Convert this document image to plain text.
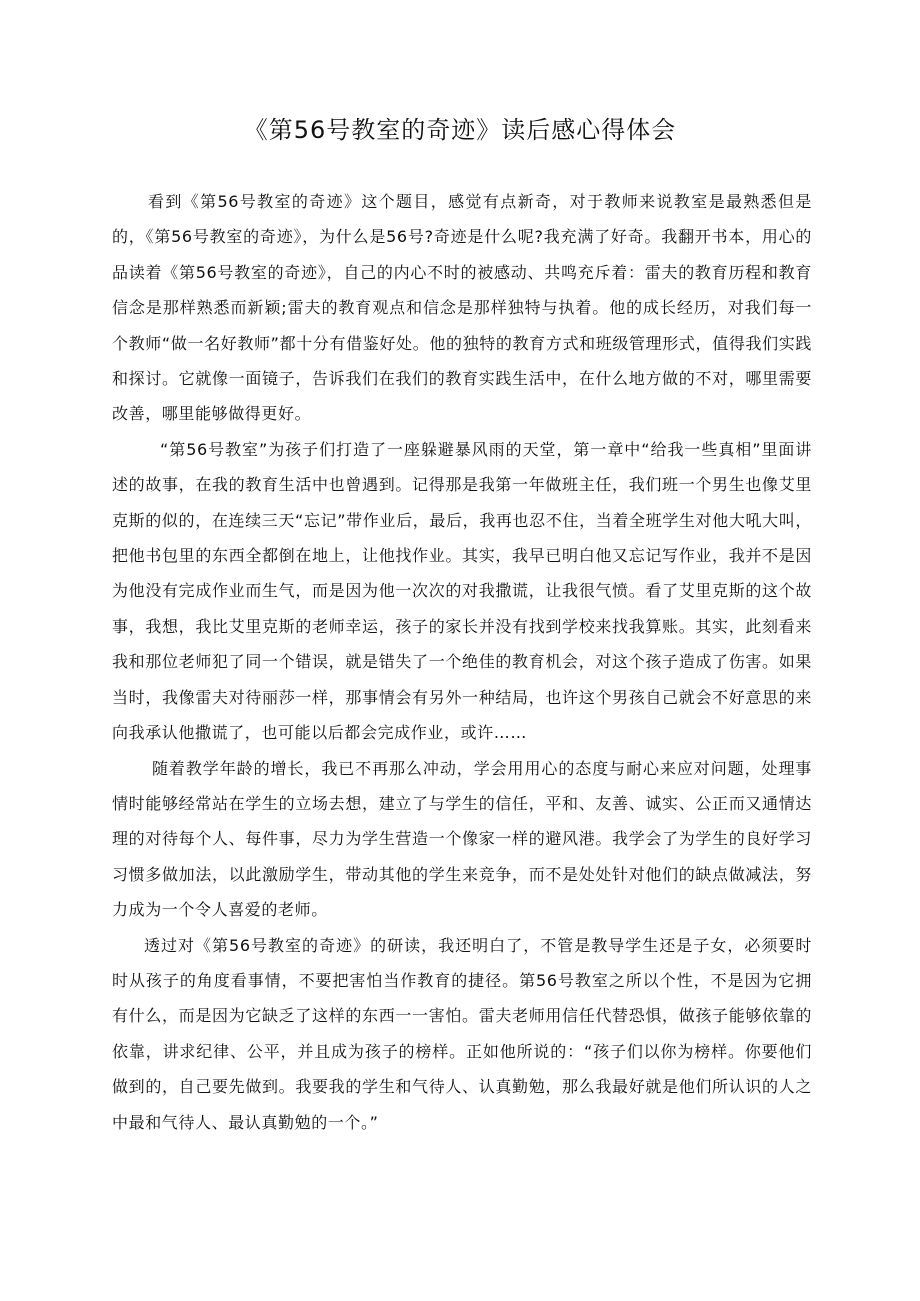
《第56号教室的奇迹》读后感心得体会

看到《第56号教室的奇迹》这个题目，感觉有点新奇，对于教师来说教室是最熟悉但是的，《第56号教室的奇迹》，为什么是56号?奇迹是什么呢?我充满了好奇。我翻开书本，用心的品读着《第56号教室的奇迹》，自己的内心不时的被感动、共鸣充斥着：雷夫的教育历程和教育信念是那样熟悉而新颖;雷夫的教育观点和信念是那样独特与执着。他的成长经历，对我们每一个教师“做一名好教师”都十分有借鉴好处。他的独特的教育方式和班级管理形式，值得我们实践和探讨。它就像一面镜子，告诉我们在我们的教育实践生活中，在什么地方做的不对，哪里需要改善，哪里能够做得更好。

“第56号教室”为孩子们打造了一座躲避暴风雨的天堂，第一章中“给我一些真相”里面讲述的故事，在我的教育生活中也曾遇到。记得那是我第一年做班主任，我们班一个男生也像艾里克斯的似的，在连续三天“忘记”带作业后，最后，我再也忍不住，当着全班学生对他大吼大叫，把他书包里的东西全都倒在地上，让他找作业。其实，我早已明白他又忘记写作业，我并不是因为他没有完成作业而生气，而是因为他一次次的对我撒谎，让我很气愤。看了艾里克斯的这个故事，我想，我比艾里克斯的老师幸运，孩子的家长并没有找到学校来找我算账。其实，此刻看来我和那位老师犯了同一个错误，就是错失了一个绝佳的教育机会，对这个孩子造成了伤害。如果当时，我像雷夫对待丽莎一样，那事情会有另外一种结局，也许这个男孩自己就会不好意思的来向我承认他撒谎了，也可能以后都会完成作业，或许……

随着教学年龄的增长，我已不再那么冲动，学会用用心的态度与耐心来应对问题，处理事情时能够经常站在学生的立场去想，建立了与学生的信任，平和、友善、诚实、公正而又通情达理的对待每个人、每件事，尽力为学生营造一个像家一样的避风港。我学会了为学生的良好学习习惯多做加法，以此激励学生，带动其他的学生来竞争，而不是处处针对他们的缺点做减法，努力成为一个令人喜爱的老师。

透过对《第56号教室的奇迹》的研读，我还明白了，不管是教导学生还是子女，必须要时时从孩子的角度看事情，不要把害怕当作教育的捷径。第56号教室之所以个性，不是因为它拥有什么，而是因为它缺乏了这样的东西一一害怕。雷夫老师用信任代替恐惧，做孩子能够依靠的依靠，讲求纪律、公平，并且成为孩子的榜样。正如他所说的：“孩子们以你为榜样。你要他们做到的，自己要先做到。我要我的学生和气待人、认真勤勉，那么我最好就是他们所认识的人之中最和气待人、最认真勤勉的一个。”
